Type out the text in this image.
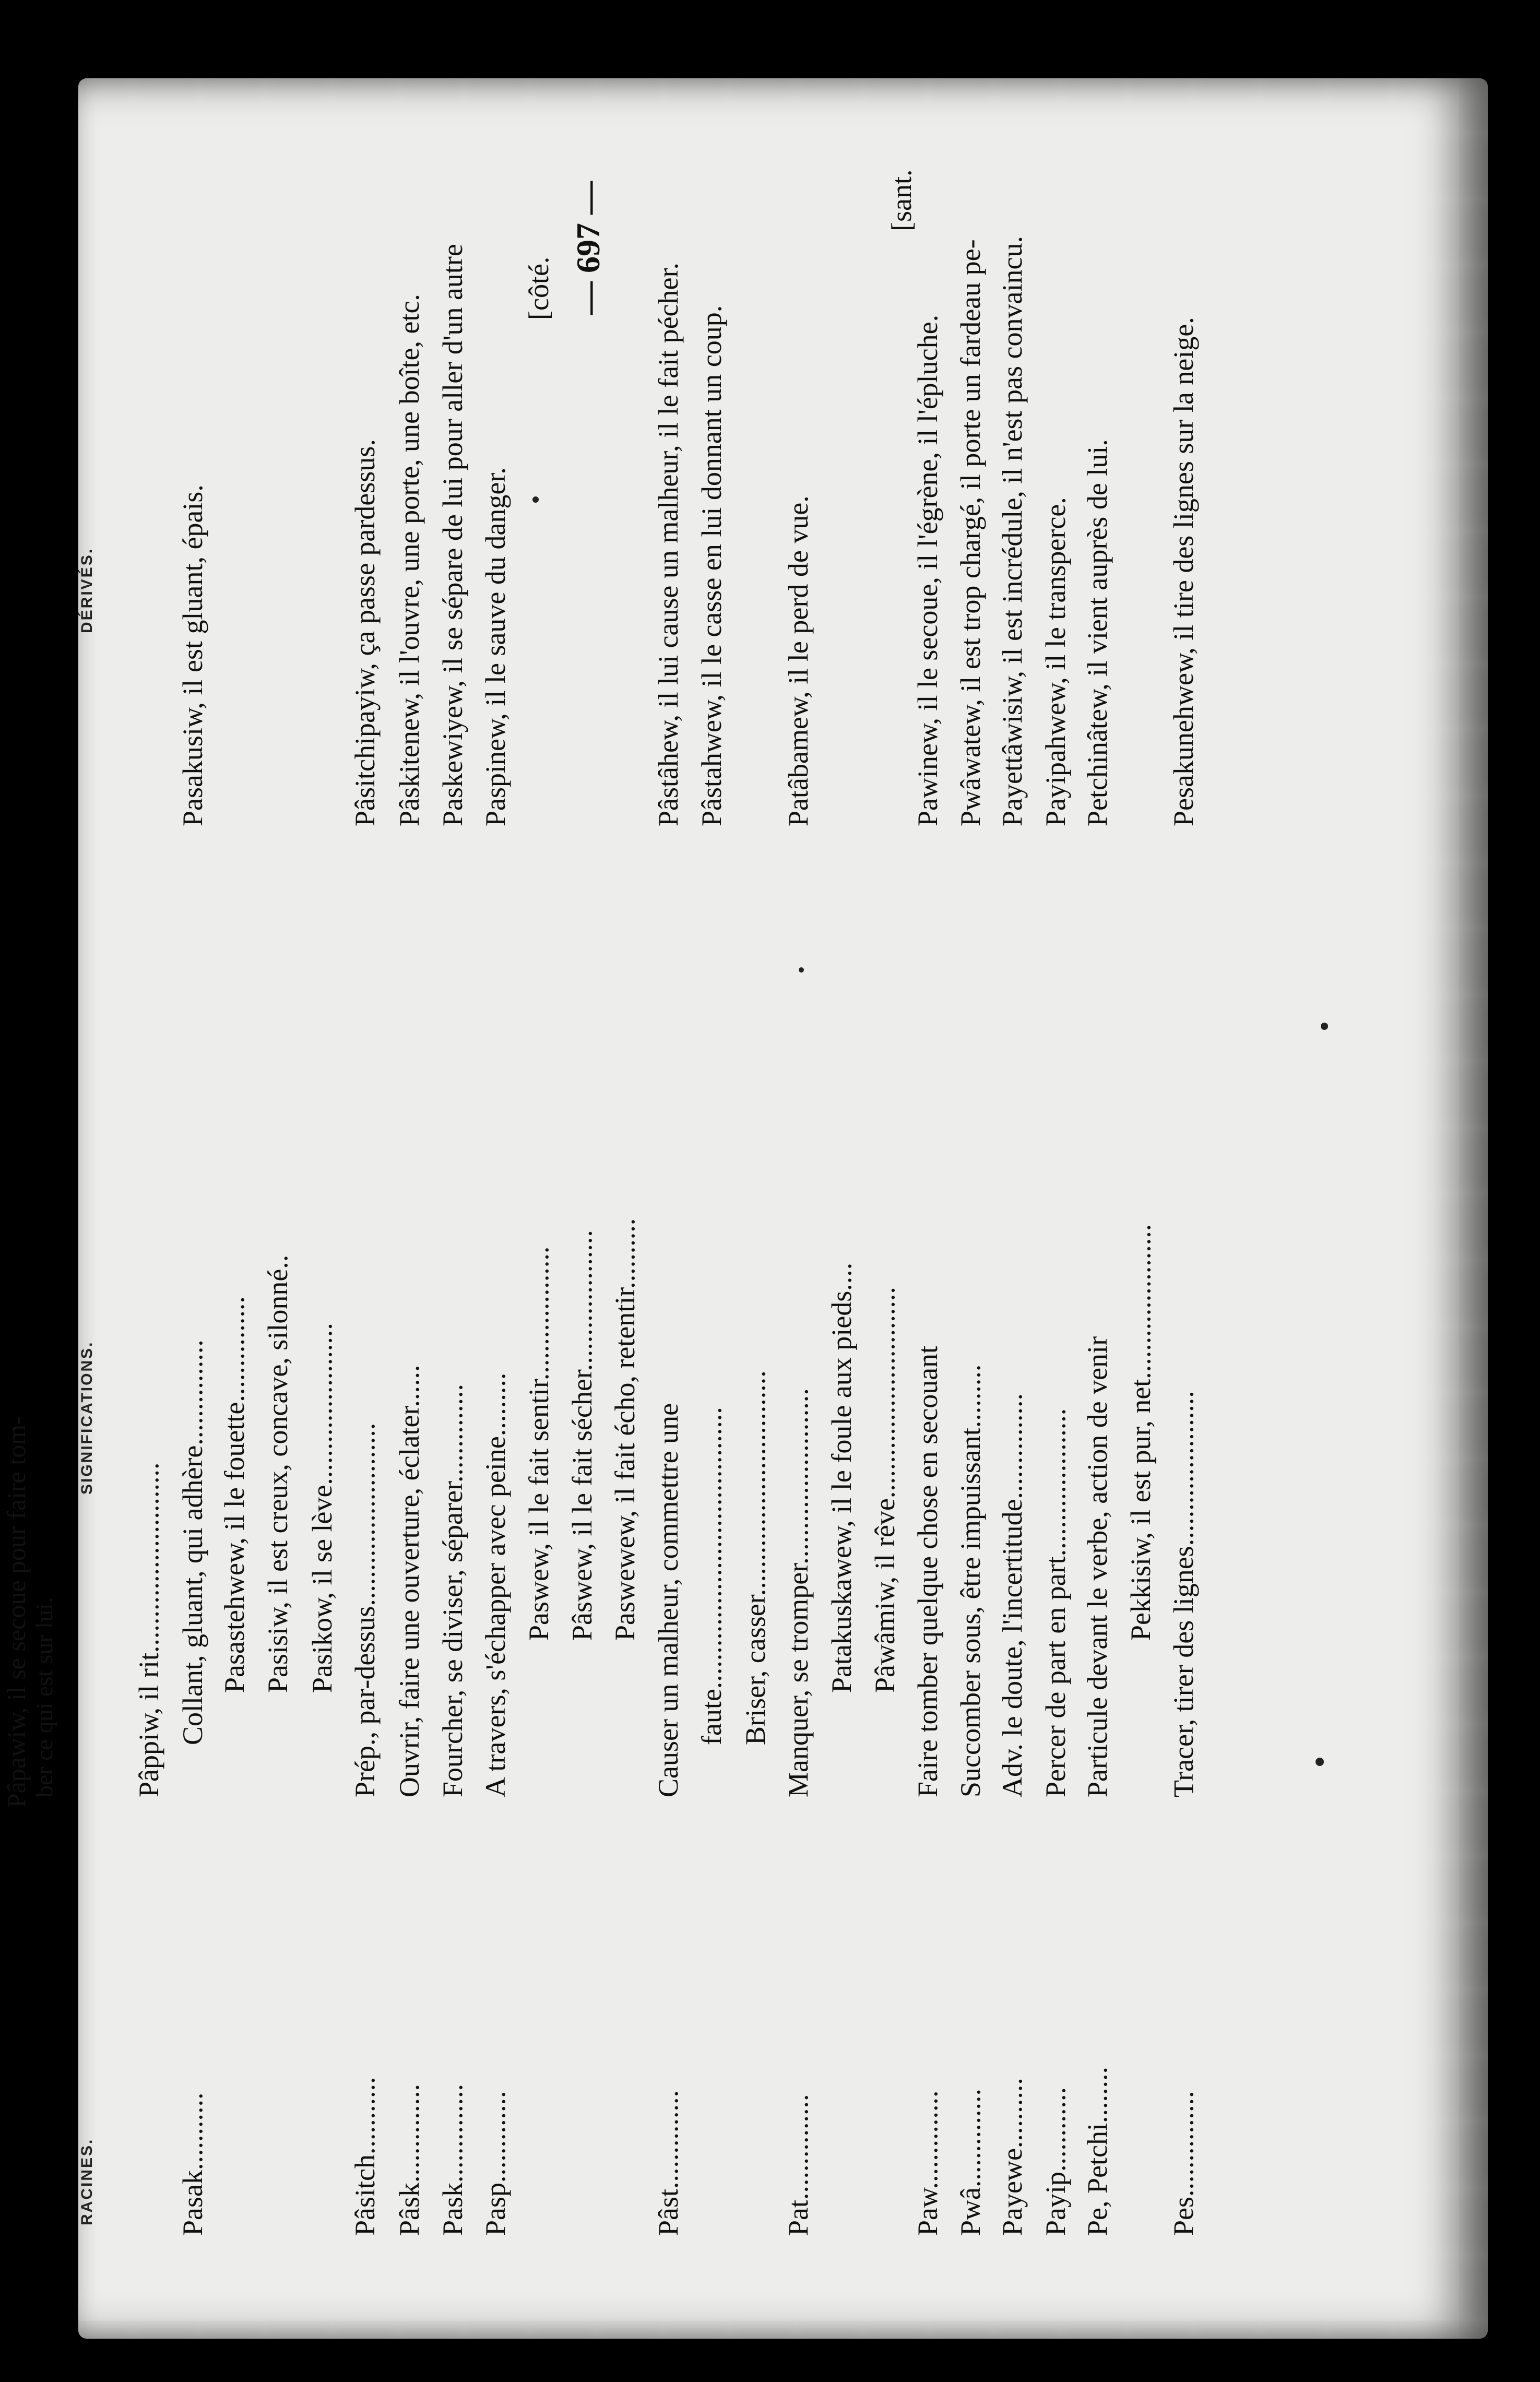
Pâpawiw, il se secoue pour faire tom- ber ce qui est sur lui.
RACINES.
SIGNIFICATIONS.
DÉRIVÉS.
— 697 —
Pâppiw, il rit...........................
Pasak...........
Collant, gluant, qui adhère...............
Pasakusiw, il est gluant, épais.
Pasastehwew, il le fouette............... Pasisiw, il est creux, concave, silonné.. Pasikow, il se lève.......................
Pâsitch...........
Prép., par-dessus..........................
Pâsitchipayiw, ça passe pardessus.
Pâsk..............
Ouvrir, faire une ouverture, éclater......
Pâskitenew, il l'ouvre, une porte, une boîte, etc.
Pask..............
Fourcher, se diviser, séparer..............
Paskewiyew, il se sépare de lui pour aller d'un autre
Pasp.............
A travers, s'échapper avec peine.........
Paspinew, il le sauve du danger.
Paswew, il le fait sentir...................
[côté.
Pâswew, il le fait sécher.................... Paswewew, il fait écho, retentir..........
Pâst..............
Causer un malheur, commettre une
Pâstâhew, il lui cause un malheur, il le fait pécher.
faute........................................
Pâstahwew, il le casse en lui donnant un coup.
Briser, casser................................
Pat...............
Manquer, se tromper.........................
Patâbamew, il le perd de vue.
Patakuskawew, il le foule aux pieds.... Pâwâmiw, il rêve..............................
Paw..............
Faire tomber quelque chose en secouant
Pawinew, il le secoue, il l'égrène, il l'épluche.
[sant.
Pwâ..............
Succomber sous, être impuissant.........
Pwâwatew, il est trop chargé, il porte un fardeau pe-
Payewe..........
Adv. le doute, l'incertitude...............
Payettâwisiw, il est incrédule, il n'est pas convaincu.
Payip............
Percer de part en part.....................
Payipahwew, il le transperce.
Pe, Petchi........
Particule devant le verbe, action de venir
Petchinâtew, il vient auprès de lui.
Pekkisiw, il est pur, net......................
Pes...............
Tracer, tirer des lignes......................
Pesakunehwew, il tire des lignes sur la neige.
